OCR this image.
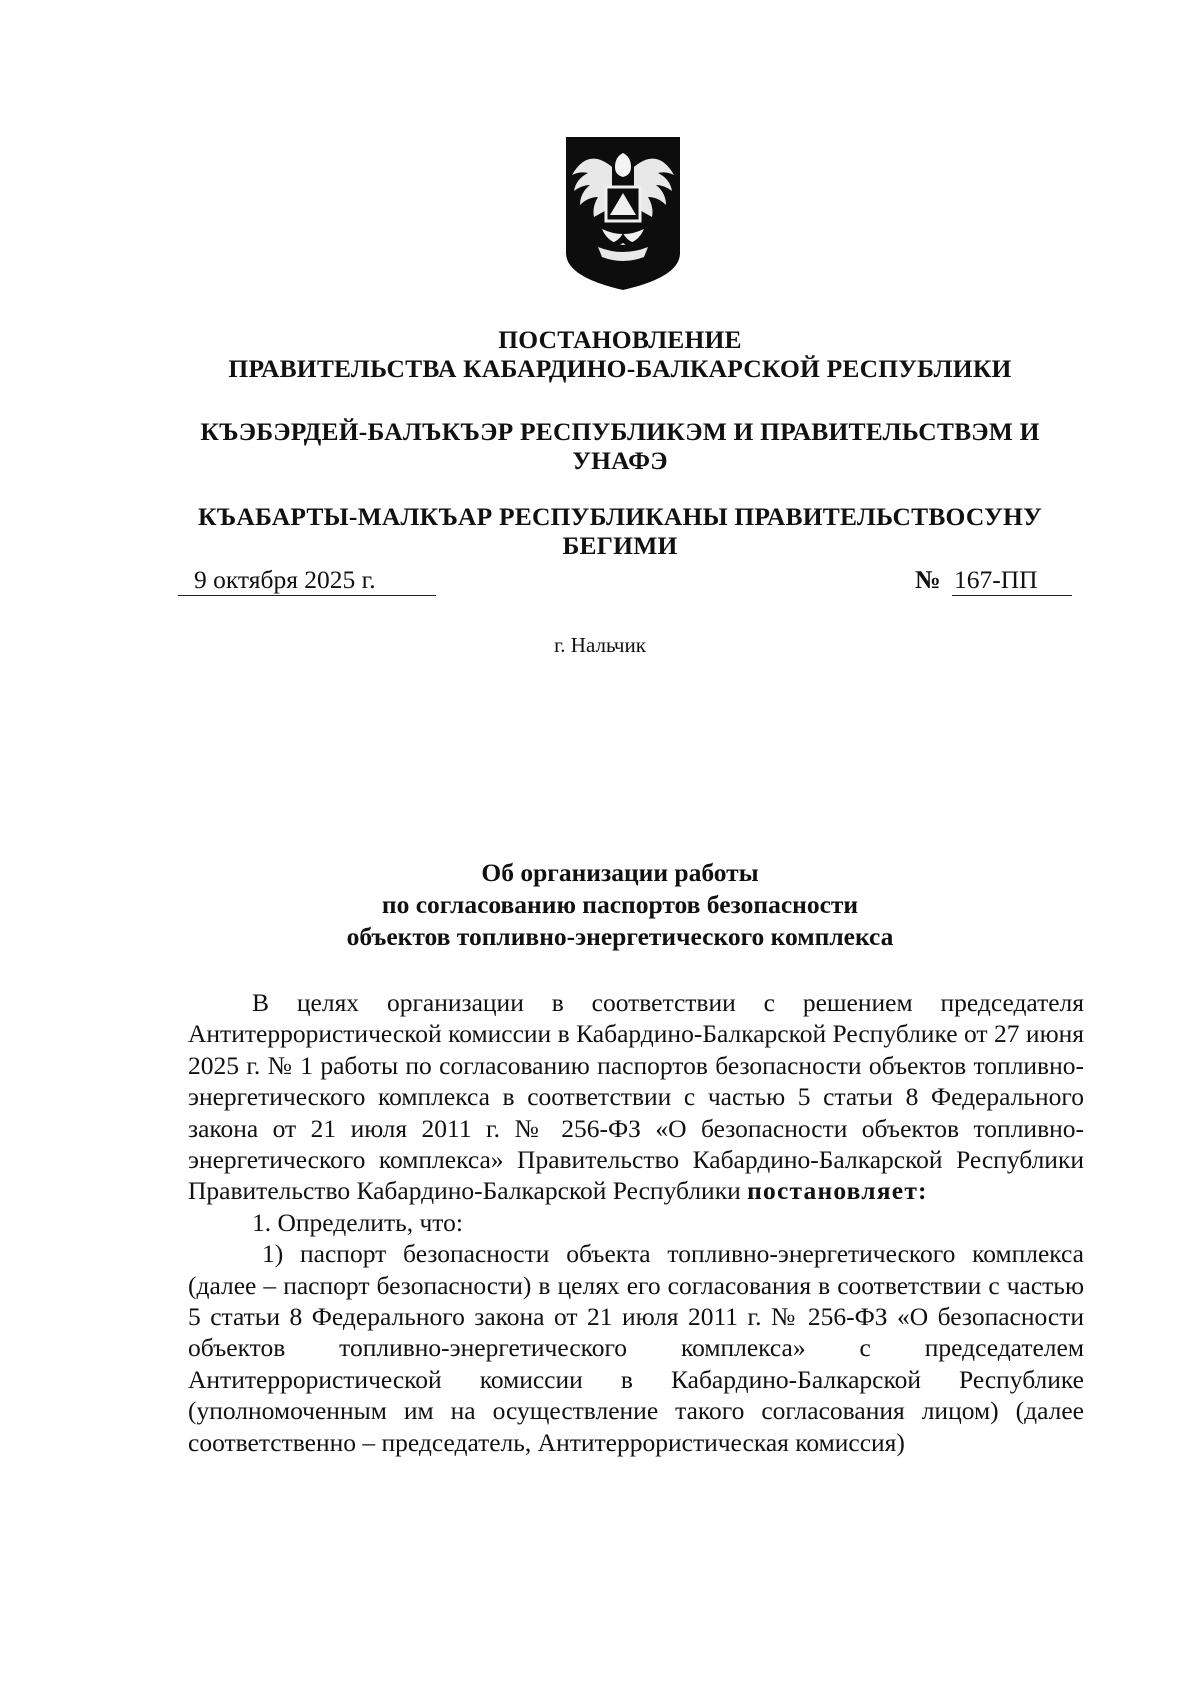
ПОСТАНОВЛЕНИЕ
ПРАВИТЕЛЬСТВА КАБАРДИНО-БАЛКАРСКОЙ РЕСПУБЛИКИ
КЪЭБЭРДЕЙ-БАЛЪКЪЭР РЕСПУБЛИКЭМ И ПРАВИТЕЛЬСТВЭМ И
УНАФЭ
КЪАБАРТЫ-МАЛКЪАР РЕСПУБЛИКАНЫ ПРАВИТЕЛЬСТВОСУНУ
БЕГИМИ
9 октября 2025 г.	№ 167-ПП
г. Нальчик
Об организации работы
по согласованию паспортов безопасности
объектов топливно-энергетического комплекса

В целях организации в соответствии с решением председателя Антитеррористической комиссии в Кабардино-Балкарской Республике от 27 июня 2025 г. № 1 работы по согласованию паспортов безопасности объектов топливно-энергетического комплекса в соответствии с частью 5 статьи 8 Федерального закона от 21 июля 2011 г. № 256-ФЗ «О безопасности объектов топливно-энергетического комплекса» Правительство Кабардино-Балкарской Республики Правительство Кабардино-Балкарской Республики постановляет:

1. Определить, что:

1) паспорт безопасности объекта топливно-энергетического комплекса (далее – паспорт безопасности) в целях его согласования в соответствии с частью 5 статьи 8 Федерального закона от 21 июля 2011 г. № 256-ФЗ «О безопасности объектов топливно-энергетического комплекса» с председателем Антитеррористической комиссии в Кабардино-Балкарской Республике (уполномоченным им на осуществление такого согласования лицом) (далее соответственно – председатель, Антитеррористическая комиссия)
